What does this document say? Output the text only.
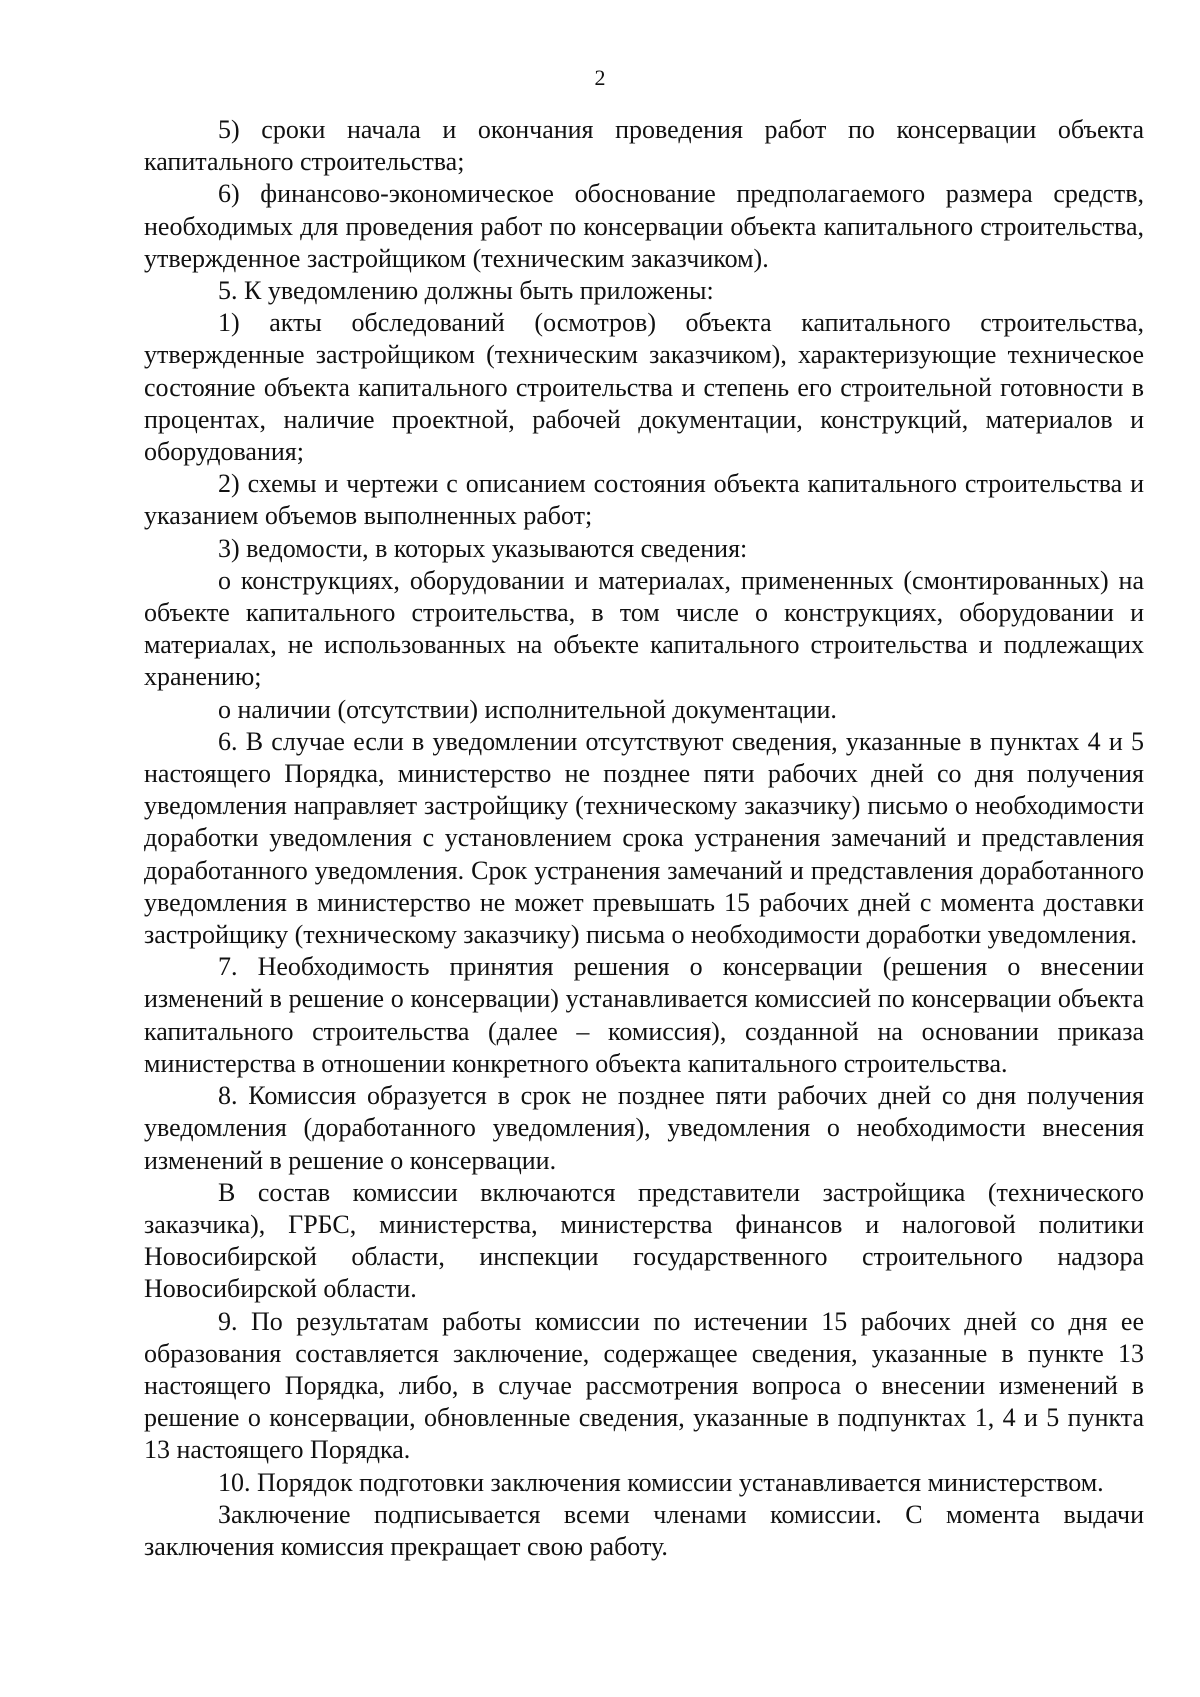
2

5) сроки начала и окончания проведения работ по консервации объекта капитального строительства;

6) финансово-экономическое обоснование предполагаемого размера средств, необходимых для проведения работ по консервации объекта капитального строительства, утвержденное застройщиком (техническим заказчиком).

5. К уведомлению должны быть приложены:

1) акты обследований (осмотров) объекта капитального строительства, утвержденные застройщиком (техническим заказчиком), характеризующие техническое состояние объекта капитального строительства и степень его строительной готовности в процентах, наличие проектной, рабочей документации, конструкций, материалов и оборудования;

2) схемы и чертежи с описанием состояния объекта капитального строительства и указанием объемов выполненных работ;

3) ведомости, в которых указываются сведения:

о конструкциях, оборудовании и материалах, примененных (смонтированных) на объекте капитального строительства, в том числе о конструкциях, оборудовании и материалах, не использованных на объекте капитального строительства и подлежащих хранению;

о наличии (отсутствии) исполнительной документации.

6. В случае если в уведомлении отсутствуют сведения, указанные в пунктах 4 и 5 настоящего Порядка, министерство не позднее пяти рабочих дней со дня получения уведомления направляет застройщику (техническому заказчику) письмо о необходимости доработки уведомления с установлением срока устранения замечаний и представления доработанного уведомления. Срок устранения замечаний и представления доработанного уведомления в министерство не может превышать 15 рабочих дней с момента доставки застройщику (техническому заказчику) письма о необходимости доработки уведомления.

7. Необходимость принятия решения о консервации (решения о внесении изменений в решение о консервации) устанавливается комиссией по консервации объекта капитального строительства (далее – комиссия), созданной на основании приказа министерства в отношении конкретного объекта капитального строительства.

8. Комиссия образуется в срок не позднее пяти рабочих дней со дня получения уведомления (доработанного уведомления), уведомления о необходимости внесения изменений в решение о консервации.

В состав комиссии включаются представители застройщика (технического заказчика), ГРБС, министерства, министерства финансов и налоговой политики Новосибирской области, инспекции государственного строительного надзора Новосибирской области.

9. По результатам работы комиссии по истечении 15 рабочих дней со дня ее образования составляется заключение, содержащее сведения, указанные в пункте 13 настоящего Порядка, либо, в случае рассмотрения вопроса о внесении изменений в решение о консервации, обновленные сведения, указанные в подпунктах 1, 4 и 5 пункта 13 настоящего Порядка.

10. Порядок подготовки заключения комиссии устанавливается министерством.

Заключение подписывается всеми членами комиссии. С момента выдачи заключения комиссия прекращает свою работу.
